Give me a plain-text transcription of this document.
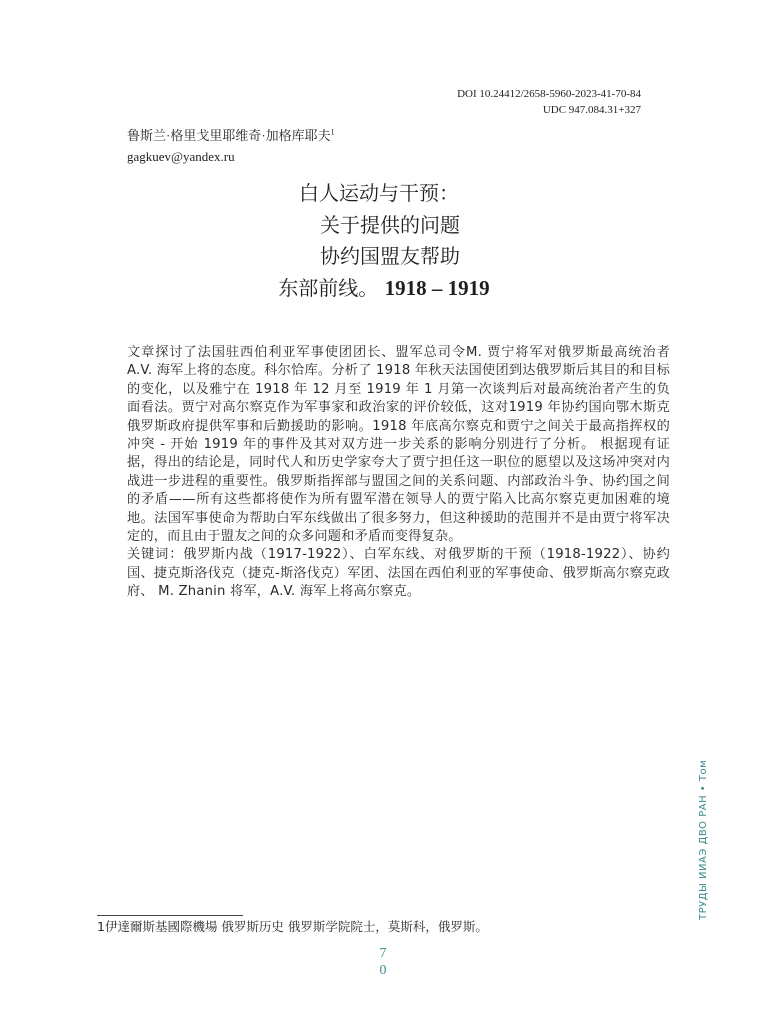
DOI 10.24412/2658-5960-2023-41-70-84
UDC 947.084.31+327
鲁斯兰·格里戈里耶维奇·加格库耶夫$^1$
gagkuev@yandex.ru
白人运动与干预：
关于提供的问题
协约国盟友帮助
东部前线。 1918 – 1919

文章探讨了法国驻西伯利亚军事使团团长、盟军总司令M. 贾宁将军对俄罗斯最高统治者 A.V. 海军上将的态度。科尔恰库。分析了 1918 年秋天法国使团到达俄罗斯后其目的和目标的变化，以及雅宁在 1918 年 12 月至 1919 年 1 月第一次谈判后对最高统治者产生的负面看法。贾宁对高尔察克作为军事家和政治家的评价较低，这对1919 年协约国向鄂木斯克俄罗斯政府提供军事和后勤援助的影响。1918 年底高尔察克和贾宁之间关于最高指挥权的冲突 - 开始 1919 年的事件及其对双方进一步关系的影响分别进行了分析。 根据现有证据，得出的结论是，同时代人和历史学家夸大了贾宁担任这一职位的愿望以及这场冲突对内战进一步进程的重要性。俄罗斯指挥部与盟国之间的关系问题、内部政治斗争、协约国之间的矛盾——所有这些都将使作为所有盟军潜在领导人的贾宁陷入比高尔察克更加困难的境地。法国军事使命为帮助白军东线做出了很多努力，但这种援助的范围并不是由贾宁将军决定的，而且由于盟友之间的众多问题和矛盾而变得复杂。

关键词：俄罗斯内战（1917-1922）、白军东线、对俄罗斯的干预（1918-1922）、协约国、捷克斯洛伐克（捷克-斯洛伐克）军团、法国在西伯利亚的军事使命、俄罗斯高尔察克政府、 M. Zhanin 将军，A.V. 海军上将高尔察克。

ТРУДЫ ИИАЭ ДВО РАН • Том
1伊達爾斯基國際機場 俄罗斯历史 俄罗斯学院院士，莫斯科，俄罗斯。
7
0
